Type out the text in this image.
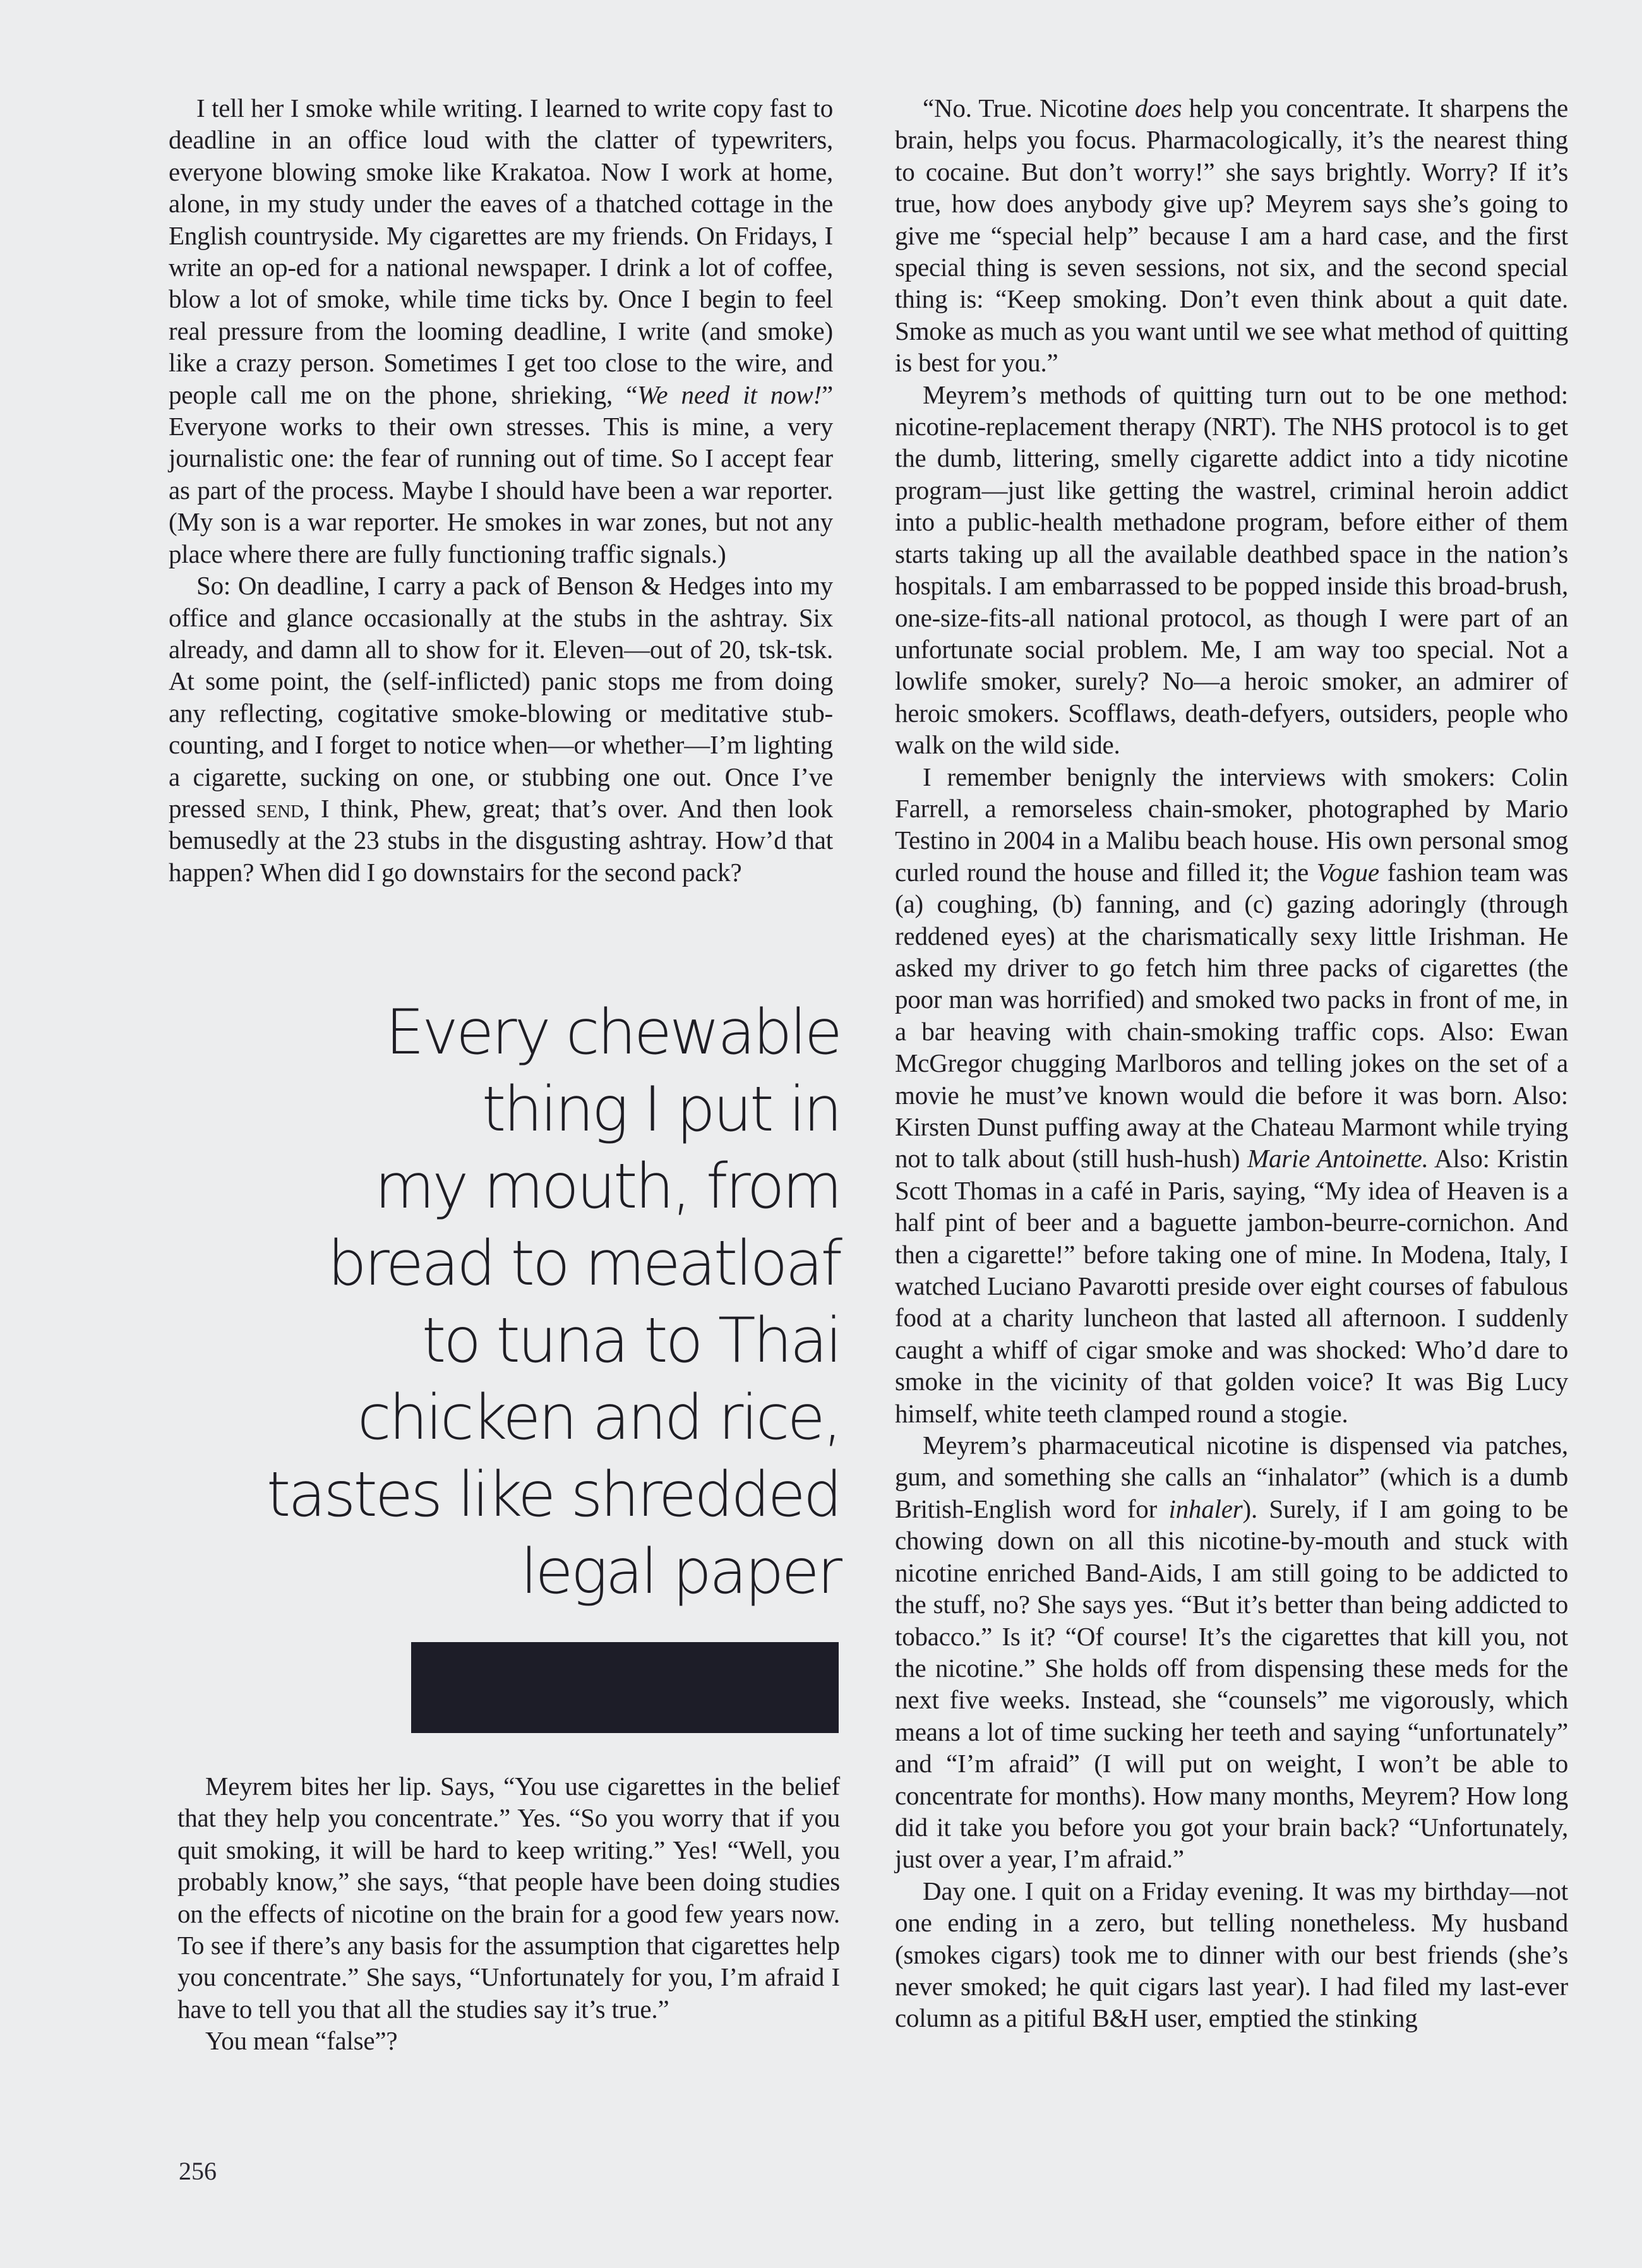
I tell her I smoke while writing. I learned to write copy fast to deadline in an office loud with the clatter of typewriters, everyone blowing smoke like Krakatoa. Now I work at home, alone, in my study under the eaves of a thatched cottage in the English countryside. My cigarettes are my friends. On Fridays, I write an op-ed for a national newspaper. I drink a lot of coffee, blow a lot of smoke, while time ticks by. Once I begin to feel real pressure from the looming deadline, I write (and smoke) like a crazy person. Sometimes I get too close to the wire, and people call me on the phone, shrieking, “We need it now!” Everyone works to their own stresses. This is mine, a very journalistic one: the fear of running out of time. So I accept fear as part of the process. Maybe I should have been a war reporter. (My son is a war reporter. He smokes in war zones, but not any place where there are fully functioning traffic signals.)

So: On deadline, I carry a pack of Benson & Hedges into my office and glance occasionally at the stubs in the ashtray. Six already, and damn all to show for it. Eleven—out of 20, tsk-tsk. At some point, the (self-inflicted) panic stops me from doing any reflecting, cogitative smoke-blowing or meditative stub-counting, and I forget to notice when—or whether—I’m lighting a cigarette, sucking on one, or stubbing one out. Once I’ve pressed send, I think, Phew, great; that’s over. And then look bemusedly at the 23 stubs in the disgusting ashtray. How’d that happen? When did I go downstairs for the second pack?

Every chewable
thing I put in
my mouth, from
bread to meatloaf
to tuna to Thai
chicken and rice,
tastes like shredded
legal paper

Meyrem bites her lip. Says, “You use cigarettes in the belief that they help you concentrate.” Yes. “So you worry that if you quit smoking, it will be hard to keep writing.” Yes! “Well, you probably know,” she says, “that people have been doing studies on the effects of nicotine on the brain for a good few years now. To see if there’s any basis for the assumption that cigarettes help you concentrate.” She says, “Unfortunately for you, I’m afraid I have to tell you that all the studies say it’s true.”

You mean “false”?

“No. True. Nicotine does help you concentrate. It sharpens the brain, helps you focus. Pharmacologically, it’s the nearest thing to cocaine. But don’t worry!” she says brightly. Worry? If it’s true, how does anybody give up? Meyrem says she’s going to give me “special help” because I am a hard case, and the first special thing is seven sessions, not six, and the second special thing is: “Keep smoking. Don’t even think about a quit date. Smoke as much as you want until we see what method of quitting is best for you.”

Meyrem’s methods of quitting turn out to be one method: nicotine-replacement therapy (NRT). The NHS protocol is to get the dumb, littering, smelly cigarette addict into a tidy nicotine program—just like getting the wastrel, criminal heroin addict into a public-health methadone program, before either of them starts taking up all the available deathbed space in the nation’s hospitals. I am embarrassed to be popped inside this broad-brush, one-size-fits-all national protocol, as though I were part of an unfortunate social problem. Me, I am way too special. Not a lowlife smoker, surely? No—a heroic smoker, an admirer of heroic smokers. Scofflaws, death-defyers, outsiders, people who walk on the wild side.

I remember benignly the interviews with smokers: Colin Farrell, a remorseless chain-smoker, photographed by Mario Testino in 2004 in a Malibu beach house. His own personal smog curled round the house and filled it; the Vogue fashion team was (a) coughing, (b) fanning, and (c) gazing adoringly (through reddened eyes) at the charismatically sexy little Irishman. He asked my driver to go fetch him three packs of cigarettes (the poor man was horrified) and smoked two packs in front of me, in a bar heaving with chain-smoking traffic cops. Also: Ewan McGregor chugging Marlboros and telling jokes on the set of a movie he must’ve known would die before it was born. Also: Kirsten Dunst puffing away at the Chateau Marmont while trying not to talk about (still hush-hush) Marie Antoinette. Also: Kristin Scott Thomas in a café in Paris, saying, “My idea of Heaven is a half pint of beer and a baguette jambon-beurre-cornichon. And then a cigarette!” before taking one of mine. In Modena, Italy, I watched Luciano Pavarotti preside over eight courses of fabulous food at a charity luncheon that lasted all afternoon. I suddenly caught a whiff of cigar smoke and was shocked: Who’d dare to smoke in the vicinity of that golden voice? It was Big Lucy himself, white teeth clamped round a stogie.

Meyrem’s pharmaceutical nicotine is dispensed via patches, gum, and something she calls an “inhalator” (which is a dumb British-English word for inhaler). Surely, if I am going to be chowing down on all this nicotine-by-mouth and stuck with nicotine enriched Band-Aids, I am still going to be addicted to the stuff, no? She says yes. “But it’s better than being addicted to tobacco.” Is it? “Of course! It’s the cigarettes that kill you, not the nicotine.” She holds off from dispensing these meds for the next five weeks. Instead, she “counsels” me vigorously, which means a lot of time sucking her teeth and saying “unfortunately” and “I’m afraid” (I will put on weight, I won’t be able to concentrate for months). How many months, Meyrem? How long did it take you before you got your brain back? “Unfortunately, just over a year, I’m afraid.”

Day one. I quit on a Friday evening. It was my birthday—not one ending in a zero, but telling nonetheless. My husband (smokes cigars) took me to dinner with our best friends (she’s never smoked; he quit cigars last year). I had filed my last-ever column as a pitiful B&H user, emptied the stinking

256
